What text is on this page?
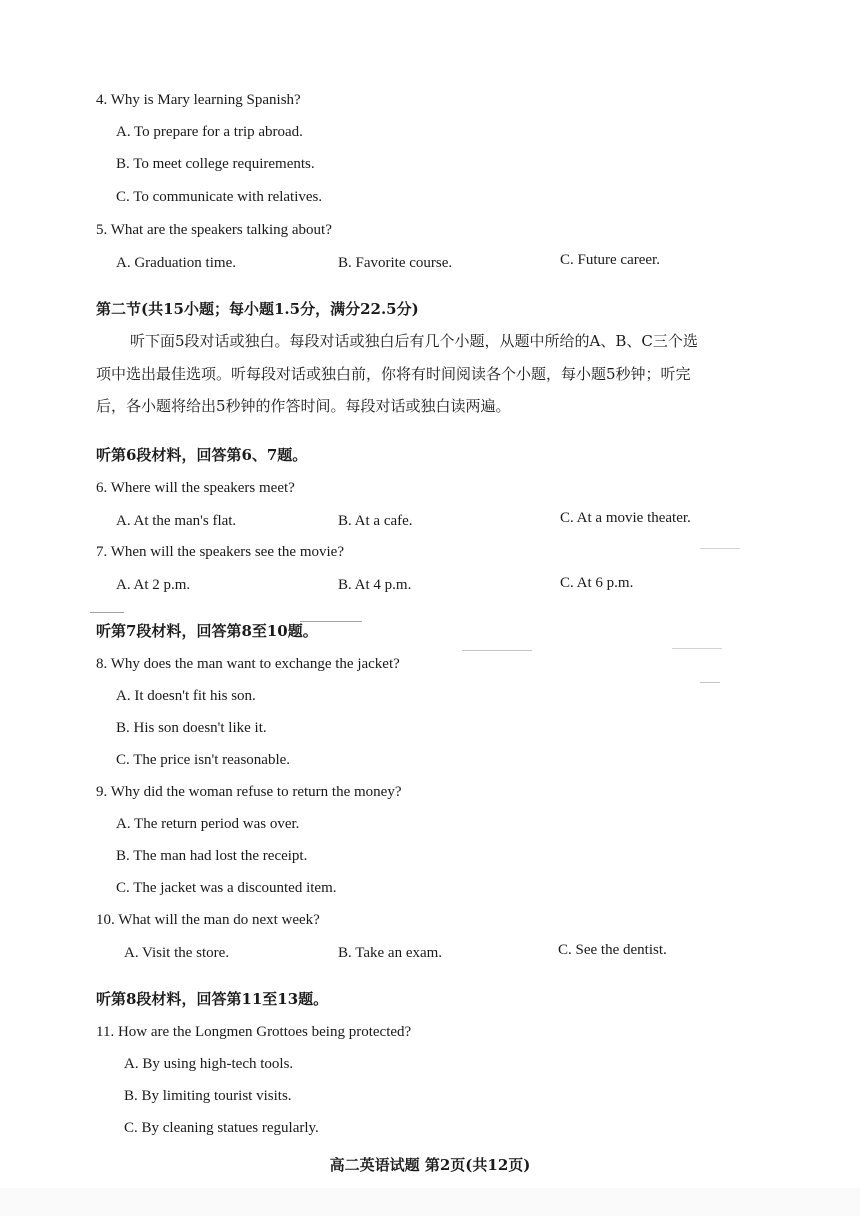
4. Why is Mary learning Spanish?
A. To prepare for a trip abroad.
B. To meet college requirements.
C. To communicate with relatives.
5. What are the speakers talking about?
A. Graduation time.	B. Favorite course.	C. Future career.
第二节(共15小题；每小题1.5分，满分22.5分)
听下面5段对话或独白。每段对话或独白后有几个小题，从题中所给的A、B、C三个选
项中选出最佳选项。听每段对话或独白前，你将有时间阅读各个小题，每小题5秒钟；听完
后，各小题将给出5秒钟的作答时间。每段对话或独白读两遍。
听第6段材料，回答第6、7题。
6. Where will the speakers meet?
A. At the man's flat.	B. At a cafe.	C. At a movie theater.
7. When will the speakers see the movie?
A. At 2 p.m.	B. At 4 p.m.	C. At 6 p.m.
听第7段材料，回答第8至10题。
8. Why does the man want to exchange the jacket?
A. It doesn't fit his son.
B. His son doesn't like it.
C. The price isn't reasonable.
9. Why did the woman refuse to return the money?
A. The return period was over.
B. The man had lost the receipt.
C. The jacket was a discounted item.
10. What will the man do next week?
A. Visit the store.	B. Take an exam.	C. See the dentist.
听第8段材料，回答第11至13题。
11. How are the Longmen Grottoes being protected?
A. By using high-tech tools.
B. By limiting tourist visits.
C. By cleaning statues regularly.
高二英语试题 第2页(共12页)
